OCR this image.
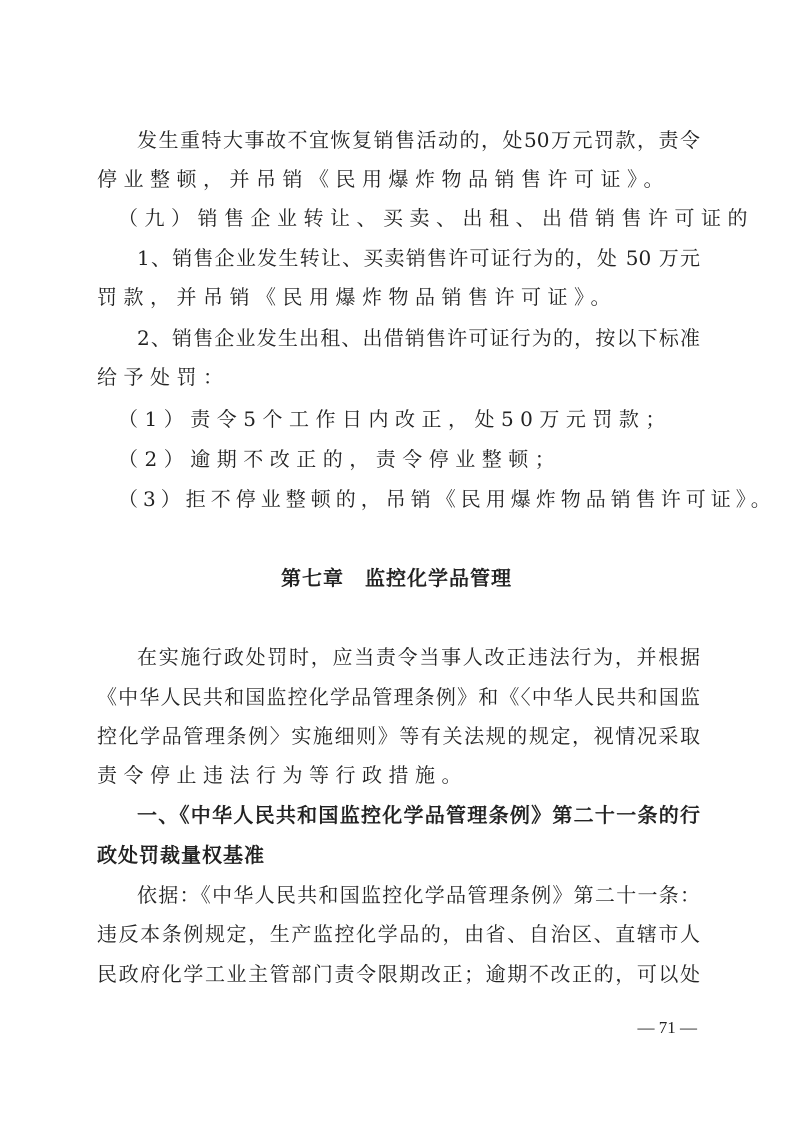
发生重特大事故不宜恢复销售活动的，处50万元罚款，责令
停业整顿，并吊销《民用爆炸物品销售许可证》。
（九）销售企业转让、买卖、出租、出借销售许可证的
1、销售企业发生转让、买卖销售许可证行为的，处 50 万元
罚款，并吊销《民用爆炸物品销售许可证》。
2、销售企业发生出租、出借销售许可证行为的，按以下标准
给予处罚：
（1）责令5个工作日内改正，处50万元罚款；
（2）逾期不改正的，责令停业整顿；
（3）拒不停业整顿的，吊销《民用爆炸物品销售许可证》。
第七章　监控化学品管理
在实施行政处罚时，应当责令当事人改正违法行为，并根据
《中华人民共和国监控化学品管理条例》和《〈中华人民共和国监
控化学品管理条例〉实施细则》等有关法规的规定，视情况采取
责令停止违法行为等行政措施。
一、《中华人民共和国监控化学品管理条例》第二十一条的行
政处罚裁量权基准
依据：《中华人民共和国监控化学品管理条例》第二十一条：
违反本条例规定，生产监控化学品的，由省、自治区、直辖市人
民政府化学工业主管部门责令限期改正；逾期不改正的，可以处
— 71 —
